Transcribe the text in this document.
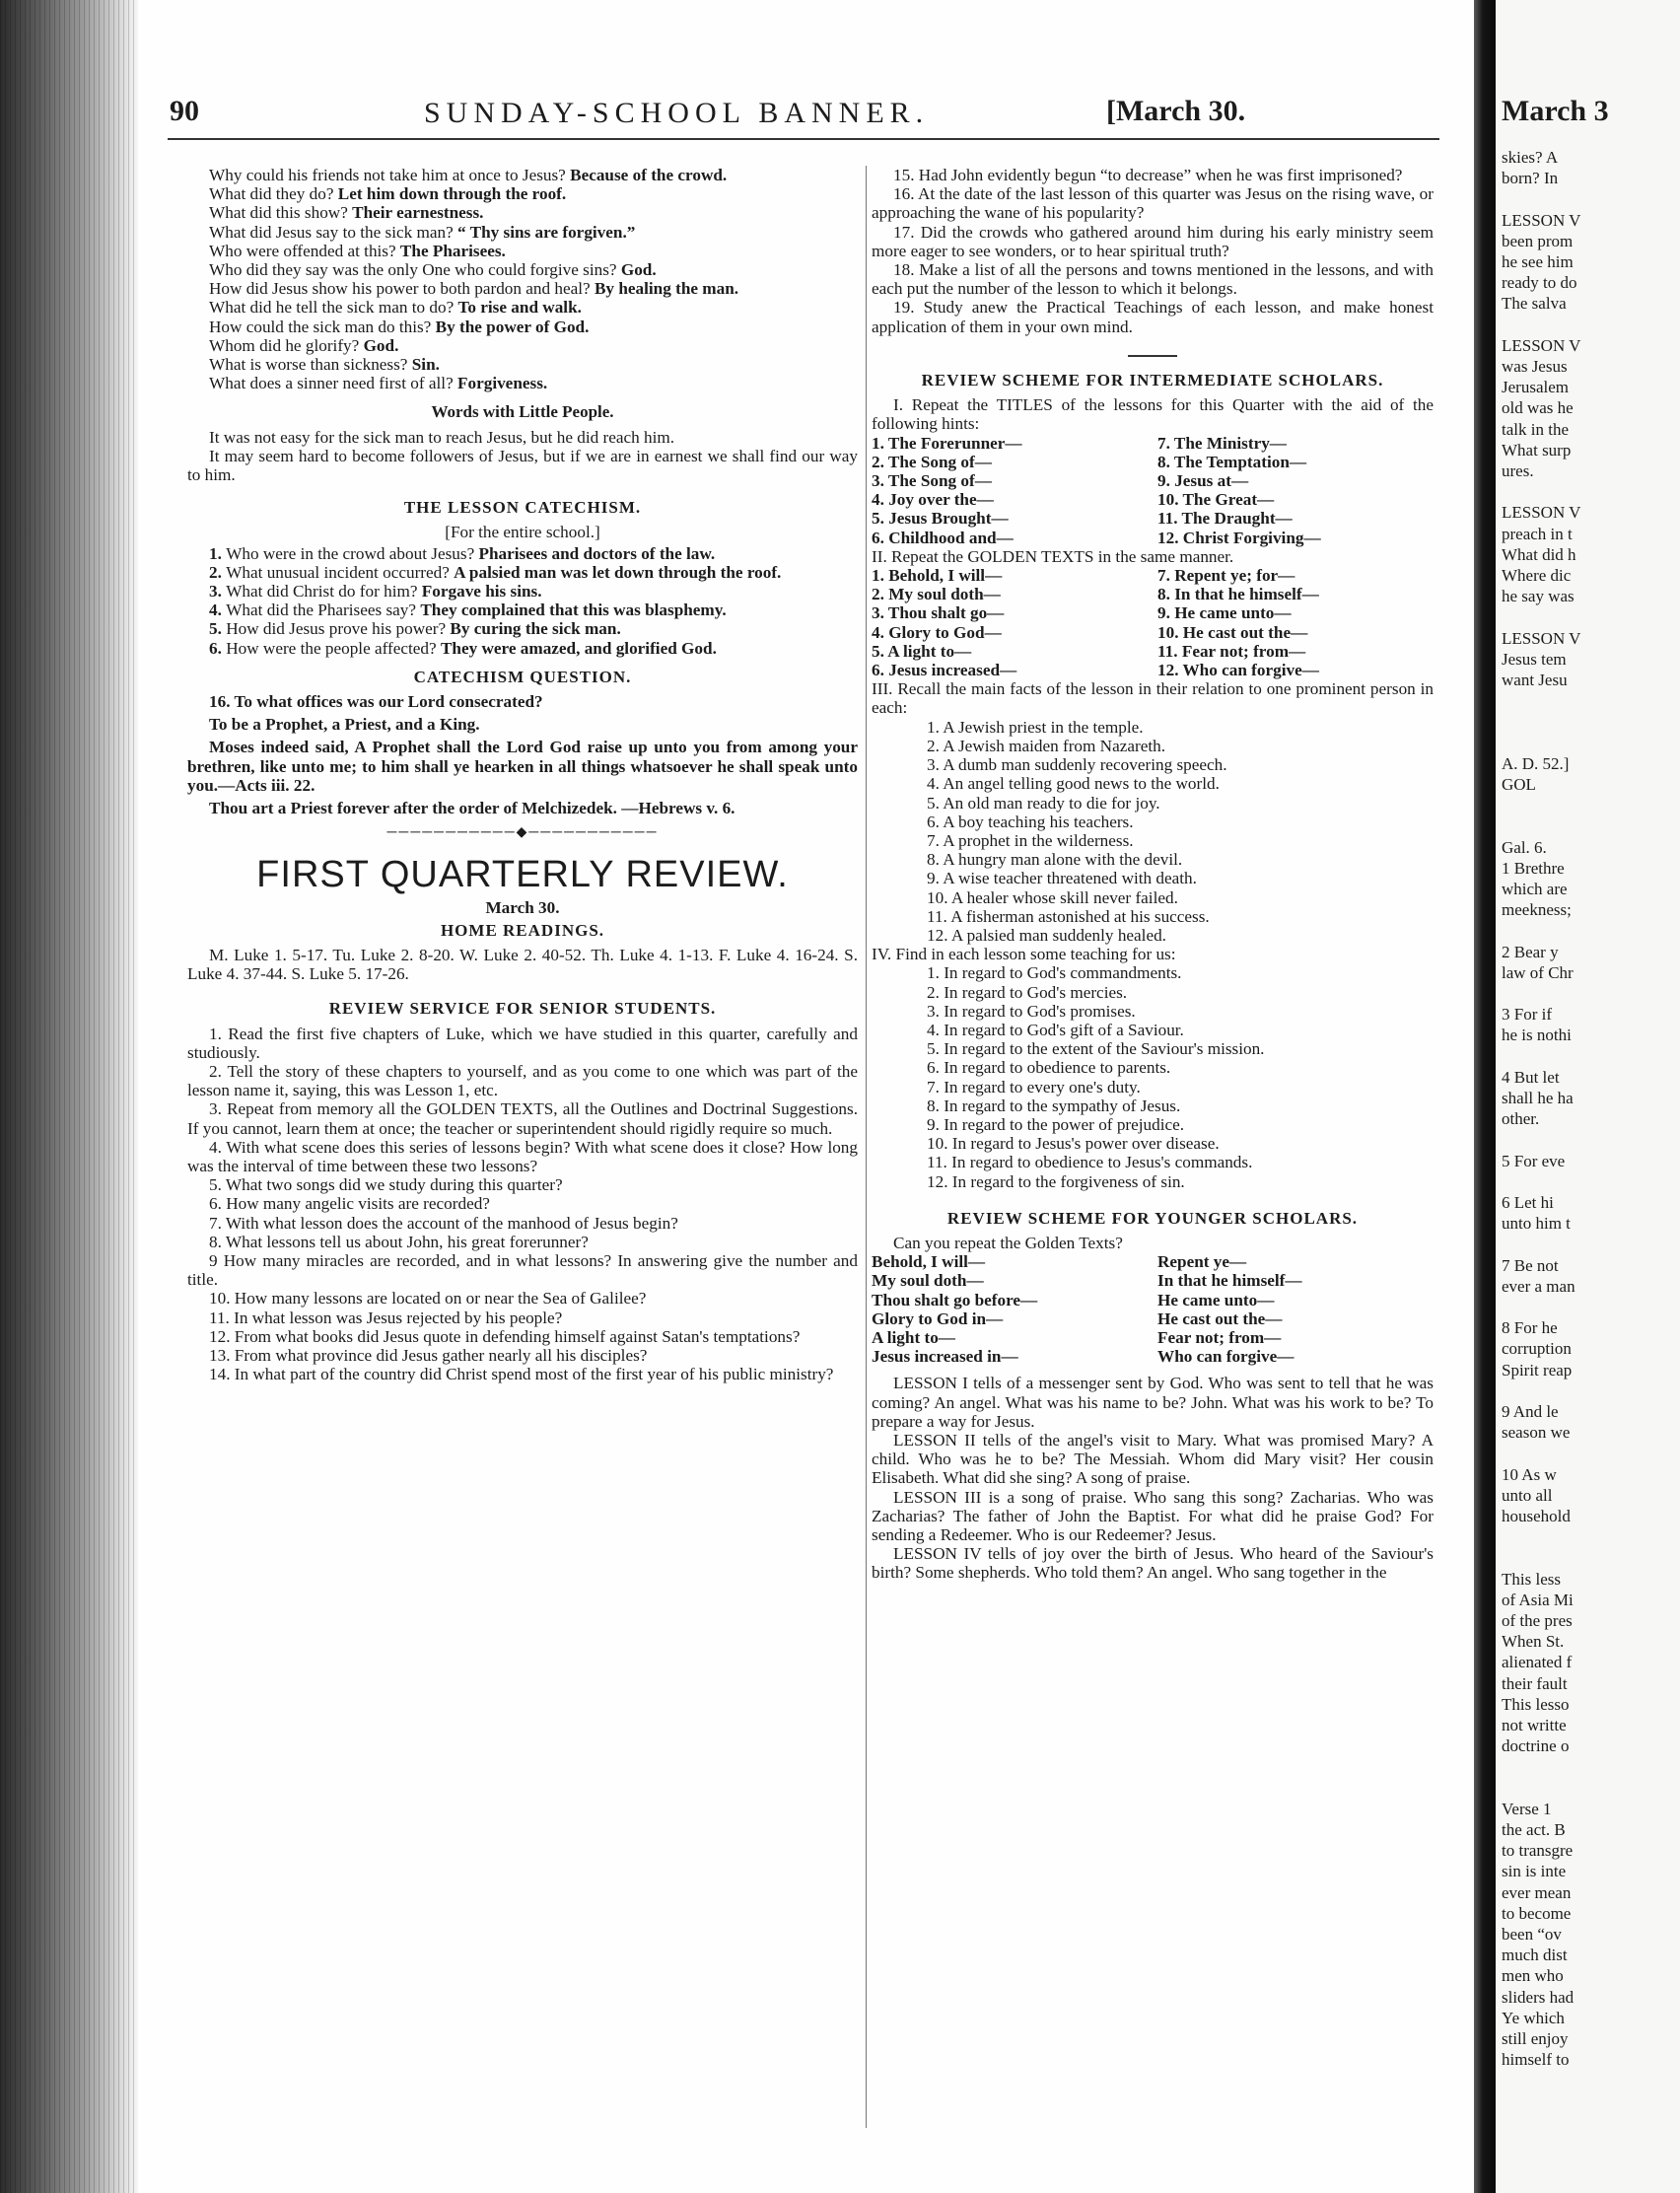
90	SUNDAY-SCHOOL BANNER.	[March 30.

Why could his friends not take him at once to Jesus? Because of the crowd.

What did they do? Let him down through the roof.

What did this show? Their earnestness.

What did Jesus say to the sick man? “ Thy sins are forgiven.”

Who were offended at this? The Pharisees.

Who did they say was the only One who could forgive sins? God.

How did Jesus show his power to both pardon and heal? By healing the man.

What did he tell the sick man to do? To rise and walk.

How could the sick man do this? By the power of God.

Whom did he glorify? God.

What is worse than sickness? Sin.

What does a sinner need first of all? Forgiveness.

Words with Little People.

It was not easy for the sick man to reach Jesus, but he did reach him.

It may seem hard to become followers of Jesus, but if we are in earnest we shall find our way to him.

THE LESSON CATECHISM.
[For the entire school.]

1. Who were in the crowd about Jesus? Pharisees and doctors of the law.

2. What unusual incident occurred? A palsied man was let down through the roof.

3. What did Christ do for him? Forgave his sins.

4. What did the Pharisees say? They complained that this was blasphemy.

5. How did Jesus prove his power? By curing the sick man.

6. How were the people affected? They were amazed, and glorified God.

CATECHISM QUESTION.

16. To what offices was our Lord consecrated?

To be a Prophet, a Priest, and a King.

Moses indeed said, A Prophet shall the Lord God raise up unto you from among your brethren, like unto me; to him shall ye hearken in all things whatsoever he shall speak unto you.—Acts iii. 22.

Thou art a Priest forever after the order of Melchizedek. —Hebrews v. 6.

───────────◆───────────
FIRST QUARTERLY REVIEW.
March 30.
HOME READINGS.

M. Luke 1. 5-17. Tu. Luke 2. 8-20. W. Luke 2. 40-52. Th. Luke 4. 1-13. F. Luke 4. 16-24. S. Luke 4. 37-44. S. Luke 5. 17-26.

REVIEW SERVICE FOR SENIOR STUDENTS.

1. Read the first five chapters of Luke, which we have studied in this quarter, carefully and studiously.

2. Tell the story of these chapters to yourself, and as you come to one which was part of the lesson name it, saying, this was Lesson 1, etc.

3. Repeat from memory all the GOLDEN TEXTS, all the Outlines and Doctrinal Suggestions. If you cannot, learn them at once; the teacher or superintendent should rigidly require so much.

4. With what scene does this series of lessons begin? With what scene does it close? How long was the interval of time between these two lessons?

5. What two songs did we study during this quarter?

6. How many angelic visits are recorded?

7. With what lesson does the account of the manhood of Jesus begin?

8. What lessons tell us about John, his great forerunner?

9 How many miracles are recorded, and in what lessons? In answering give the number and title.

10. How many lessons are located on or near the Sea of Galilee?

11. In what lesson was Jesus rejected by his people?

12. From what books did Jesus quote in defending himself against Satan's temptations?

13. From what province did Jesus gather nearly all his disciples?

14. In what part of the country did Christ spend most of the first year of his public ministry?

15. Had John evidently begun “to decrease” when he was first imprisoned?

16. At the date of the last lesson of this quarter was Jesus on the rising wave, or approaching the wane of his popularity?

17. Did the crowds who gathered around him during his early ministry seem more eager to see wonders, or to hear spiritual truth?

18. Make a list of all the persons and towns mentioned in the lessons, and with each put the number of the lesson to which it belongs.

19. Study anew the Practical Teachings of each lesson, and make honest application of them in your own mind.

REVIEW SCHEME FOR INTERMEDIATE SCHOLARS.

I. Repeat the TITLES of the lessons for this Quarter with the aid of the following hints:

1. The Forerunner—	7. The Ministry—
2. The Song of—	8. The Temptation—
3. The Song of—	9. Jesus at—
4. Joy over the—	10. The Great—
5. Jesus Brought—	11. The Draught—
6. Childhood and—	12. Christ Forgiving—

II. Repeat the GOLDEN TEXTS in the same manner.

1. Behold, I will—	7. Repent ye; for—
2. My soul doth—	8. In that he himself—
3. Thou shalt go—	9. He came unto—
4. Glory to God—	10. He cast out the—
5. A light to—	11. Fear not; from—
6. Jesus increased—	12. Who can forgive—

III. Recall the main facts of the lesson in their relation to one prominent person in each:

1. A Jewish priest in the temple.
2. A Jewish maiden from Nazareth.
3. A dumb man suddenly recovering speech.
4. An angel telling good news to the world.
5. An old man ready to die for joy.
6. A boy teaching his teachers.
7. A prophet in the wilderness.
8. A hungry man alone with the devil.
9. A wise teacher threatened with death.
10. A healer whose skill never failed.
11. A fisherman astonished at his success.
12. A palsied man suddenly healed.

IV. Find in each lesson some teaching for us:

1. In regard to God's commandments.
2. In regard to God's mercies.
3. In regard to God's promises.
4. In regard to God's gift of a Saviour.
5. In regard to the extent of the Saviour's mission.
6. In regard to obedience to parents.
7. In regard to every one's duty.
8. In regard to the sympathy of Jesus.
9. In regard to the power of prejudice.
10. In regard to Jesus's power over disease.
11. In regard to obedience to Jesus's commands.
12. In regard to the forgiveness of sin.
REVIEW SCHEME FOR YOUNGER SCHOLARS.

Can you repeat the Golden Texts?

Behold, I will—	Repent ye—
My soul doth—	In that he himself—
Thou shalt go before—	He came unto—
Glory to God in—	He cast out the—
A light to—	Fear not; from—
Jesus increased in—	Who can forgive—

LESSON I tells of a messenger sent by God. Who was sent to tell that he was coming? An angel. What was his name to be? John. What was his work to be? To prepare a way for Jesus.

LESSON II tells of the angel's visit to Mary. What was promised Mary? A child. Who was he to be? The Messiah. Whom did Mary visit? Her cousin Elisabeth. What did she sing? A song of praise.

LESSON III is a song of praise. Who sang this song? Zacharias. Who was Zacharias? The father of John the Baptist. For what did he praise God? For sending a Redeemer. Who is our Redeemer? Jesus.

LESSON IV tells of joy over the birth of Jesus. Who heard of the Saviour's birth? Some shepherds. Who told them? An angel. Who sang together in the

March 3
skies? A
born? In
LESSON V
been prom
he see him
ready to do
The salva
LESSON V
was Jesus
Jerusalem
old was he
talk in the
What surp
ures.
LESSON V
preach in t
What did h
Where dic
he say was
LESSON V
Jesus tem
want Jesu
A. D. 52.]
GOL
Gal. 6.
1 Brethre
which are
meekness;
2 Bear y
law of Chr
3 For if
he is nothi
4 But let
shall he ha
other.
5 For eve
6 Let hi
unto him t
7 Be not
ever a man
8 For he
corruption
Spirit reap
9 And le
season we
10 As w
unto all
household
This less
of Asia Mi
of the pres
When St.
alienated f
their fault
This lesso
not writte
doctrine o
Verse 1
the act. B
to transgre
sin is inte
ever mean
to become
been “ov
much dist
men who
sliders had
Ye which
still enjoy
himself to
